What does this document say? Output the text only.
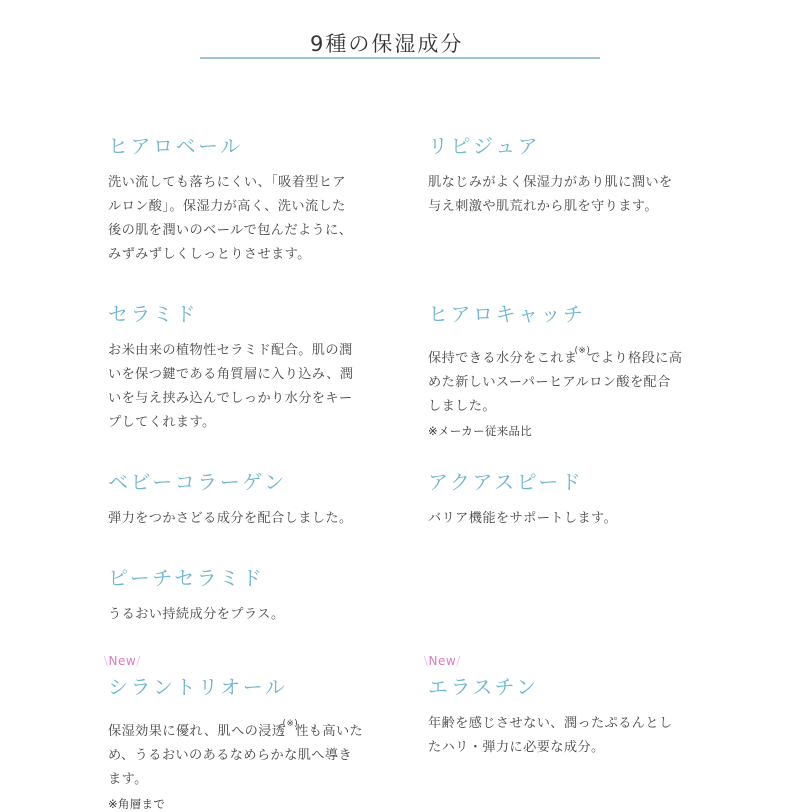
9種の保湿成分
ヒアロベール

洗い流しても落ちにくい、「吸着型ヒア
ルロン酸」。保湿力が高く、洗い流した
後の肌を潤いのベールで包んだように、
みずみずしくしっとりさせます。

リピジュア

肌なじみがよく保湿力があり肌に潤いを
与え刺激や肌荒れから肌を守ります。

セラミド

お米由来の植物性セラミド配合。肌の潤
いを保つ鍵である角質層に入り込み、潤
いを与え挟み込んでしっかり水分をキー
プしてくれます。

ヒアロキャッチ

保持できる水分をこれま(※)でより格段に高
めた新しいスーパーヒアルロン酸を配合
しました。

※メーカー従来品比
ベビーコラーゲン

弾力をつかさどる成分を配合しました。

アクアスピード

バリア機能をサポートします。

ピーチセラミド

うるおい持続成分をプラス。

\New/
シラントリオール

保湿効果に優れ、肌への浸透(※)性も高いた
め、うるおいのあるなめらかな肌へ導き
ます。

※角層まで
\New/
エラスチン

年齢を感じさせない、潤ったぷるんとし
たハリ・弾力に必要な成分。
